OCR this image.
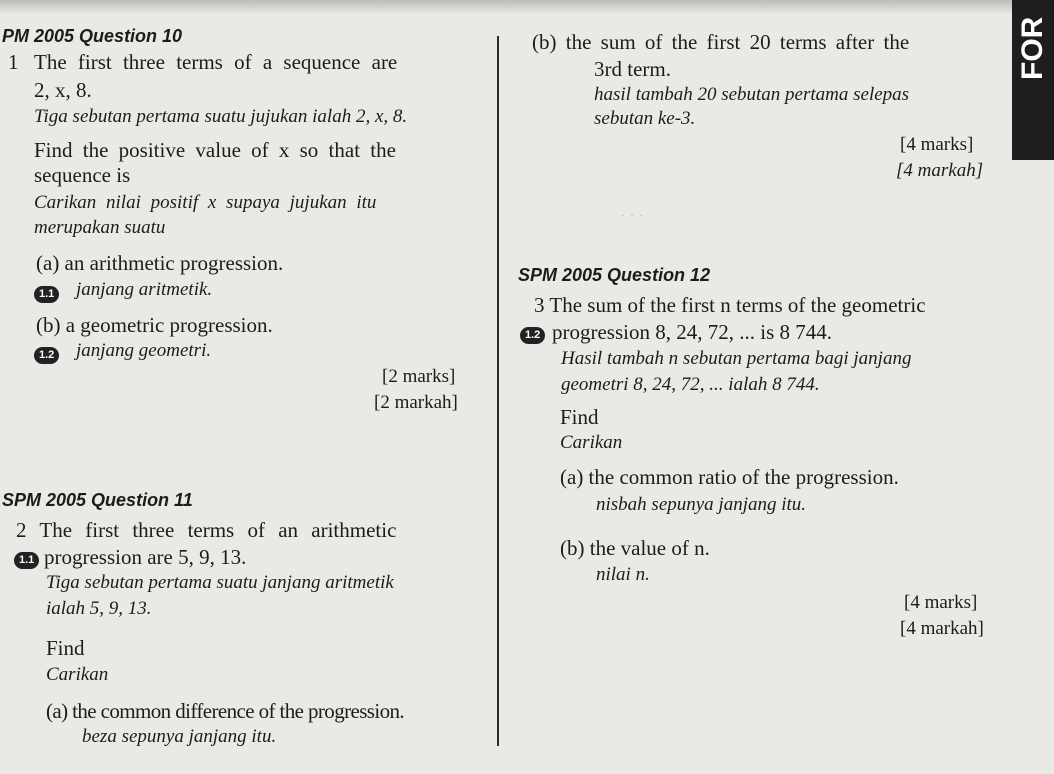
FOR
· · ·
PM 2005 Question 10
1 The first three terms of a sequence are
2, x, 8.
Tiga sebutan pertama suatu jujukan ialah 2, x, 8.
Find the positive value of x so that the
sequence is
Carikan nilai positif x supaya jujukan itu
merupakan suatu
(a) an arithmetic progression.
1.1 janjang aritmetik.
(b) a geometric progression.
1.2 janjang geometri.
[2 marks]
[2 markah]
SPM 2005 Question 11
2 The first three terms of an arithmetic
1.1 progression are 5, 9, 13.
Tiga sebutan pertama suatu janjang aritmetik
ialah 5, 9, 13.
Find
Carikan
(a) the common difference of the progression.
beza sepunya janjang itu.
(b) the sum of the first 20 terms after the
3rd term.
hasil tambah 20 sebutan pertama selepas
sebutan ke-3.
[4 marks]
[4 markah]
SPM 2005 Question 12
3 The sum of the first n terms of the geometric
1.2 progression 8, 24, 72, ... is 8 744.
Hasil tambah n sebutan pertama bagi janjang
geometri 8, 24, 72, ... ialah 8 744.
Find
Carikan
(a) the common ratio of the progression.
nisbah sepunya janjang itu.
(b) the value of n.
nilai n.
[4 marks]
[4 markah]
